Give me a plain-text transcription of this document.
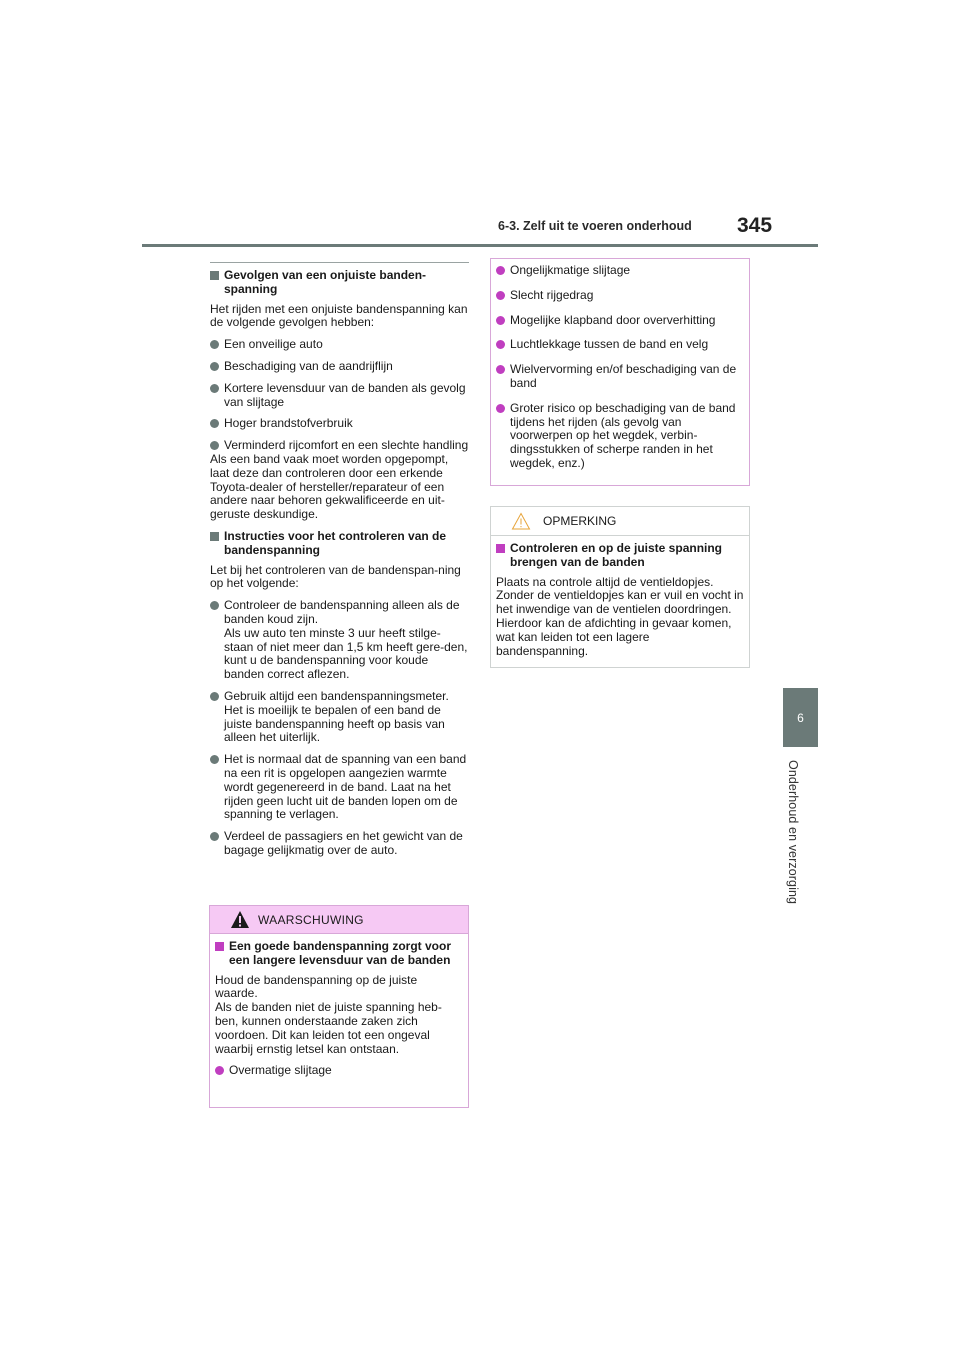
6-3. Zelf uit te voeren onderhoud 345
6
Onderhoud en verzorging
Gevolgen van een onjuiste banden-
spanning
Het rijden met een onjuiste bandenspanning kan de volgende gevolgen hebben:
Een onveilige auto
Beschadiging van de aandrijflijn
Kortere levensduur van de banden als gevolg van slijtage
Hoger brandstofverbruik
Verminderd rijcomfort en een slechte handling
Als een band vaak moet worden opgepompt, laat deze dan controleren door een erkende Toyota-dealer of hersteller/reparateur of een andere naar behoren gekwalificeerde en uit-geruste deskundige.
Instructies voor het controleren van de bandenspanning
Let bij het controleren van de bandenspan-ning op het volgende:
Controleer de bandenspanning alleen als de banden koud zijn.
Als uw auto ten minste 3 uur heeft stilge-staan of niet meer dan 1,5 km heeft gere-den, kunt u de bandenspanning voor koude banden correct aflezen.
Gebruik altijd een bandenspanningsmeter. Het is moeilijk te bepalen of een band de juiste bandenspanning heeft op basis van alleen het uiterlijk.
Het is normaal dat de spanning van een band na een rit is opgelopen aangezien warmte wordt gegenereerd in de band. Laat na het rijden geen lucht uit de banden lopen om de spanning te verlagen.
Verdeel de passagiers en het gewicht van de bagage gelijkmatig over de auto.
WAARSCHUWING
Een goede bandenspanning zorgt voor een langere levensduur van de banden
Houd de bandenspanning op de juiste waarde.
Als de banden niet de juiste spanning heb-ben, kunnen onderstaande zaken zich voordoen. Dit kan leiden tot een ongeval waarbij ernstig letsel kan ontstaan.
Overmatige slijtage
Ongelijkmatige slijtage
Slecht rijgedrag
Mogelijke klapband door oververhitting
Luchtlekkage tussen de band en velg
Wielvervorming en/of beschadiging van de band
Groter risico op beschadiging van de band tijdens het rijden (als gevolg van voorwerpen op het wegdek, verbin-dingsstukken of scherpe randen in het wegdek, enz.)
OPMERKING
Controleren en op de juiste spanning brengen van de banden
Plaats na controle altijd de ventieldopjes. Zonder de ventieldopjes kan er vuil en vocht in het inwendige van de ventielen doordringen. Hierdoor kan de afdichting in gevaar komen, wat kan leiden tot een lagere bandenspanning.
